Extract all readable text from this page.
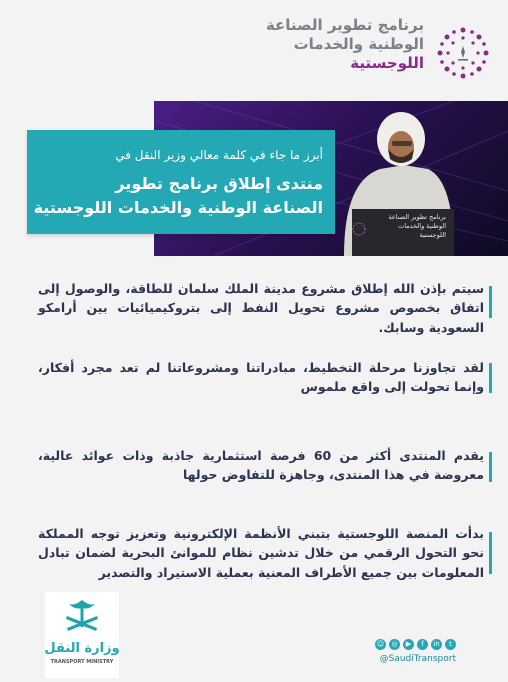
برنامج تطوير الصناعة
الوطنية والخدمات
اللوجستية
برنامج تطوير الصناعة
الوطنية والخدمات
اللوجستية
أبرز ما جاء في كلمة معالي وزير النقل في
منتدى إطلاق برنامج تطوير
الصناعة الوطنية والخدمات اللوجستية
سيتم بإذن الله إطلاق مشروع مدينة الملك سلمان للطاقة، والوصول إلى اتفاق بخصوص مشروع تحويل النفط إلى بتروكيميائيات بين أرامكو السعودية وسابك.
لقد تجاوزنا مرحلة التخطيط، مبادراتنا ومشروعاتنا لم تعد مجرد أفكار، وإنما تحولت إلى واقع ملموس
يقدم المنتدى أكثر من 60 فرصة استثمارية جاذبة وذات عوائد عالية، معروضة في هذا المنتدى، وجاهزة للتفاوض حولها
بدأت المنصة اللوجستية بتبني الأنظمة الإلكترونية وتعزيز توجه المملكة نحو التحول الرقمي من خلال تدشين نظام للموانئ البحرية لضمان تبادل المعلومات بين جميع الأطراف المعنية بعملية الاستيراد والتصدير
وزارة النقل
TRANSPORT MINISTRY
☺	◎	▶	f	in	t
@SaudiTransport
